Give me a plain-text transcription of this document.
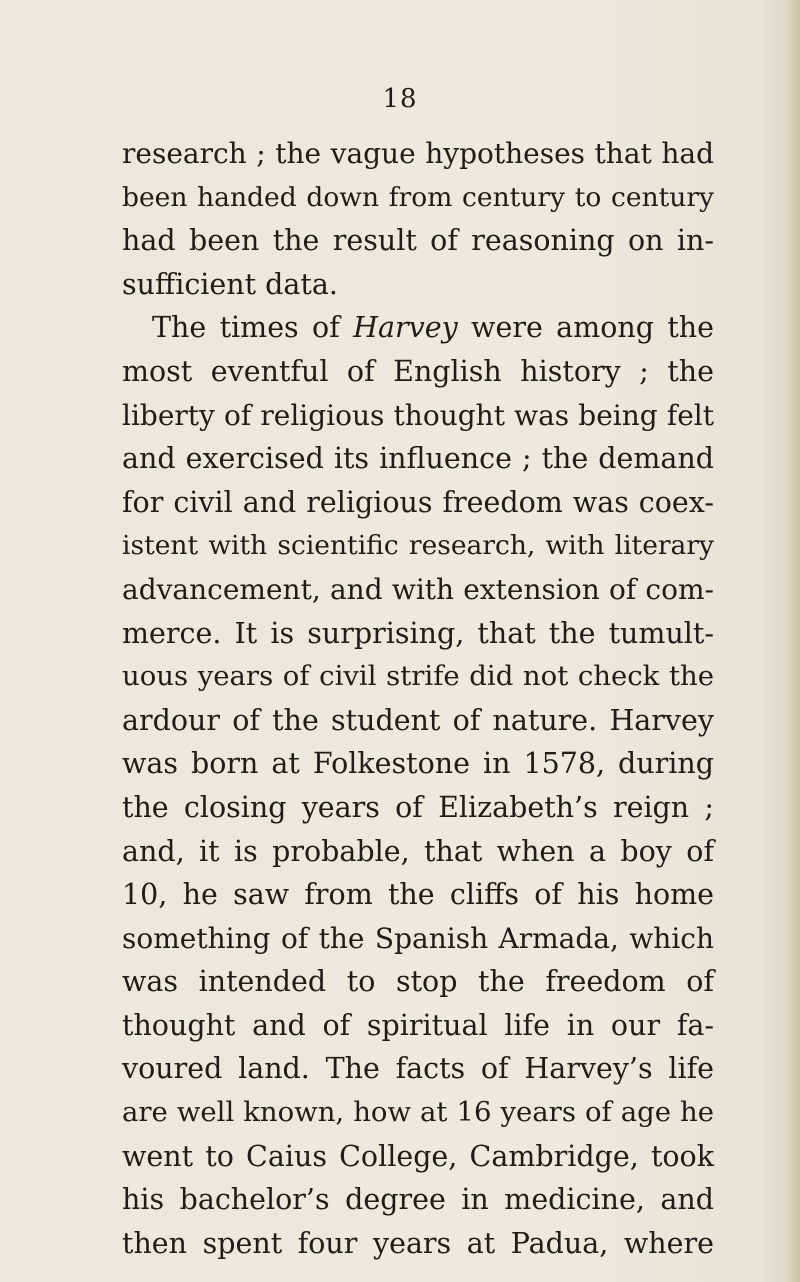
18
research ; the vague hypotheses that had
been handed down from century to century
had been the result of reasoning on in-
sufficient data.
The times of Harvey were among the
most eventful of English history ; the
liberty of religious thought was being felt
and exercised its influence ; the demand
for civil and religious freedom was coex-
istent with scientific research, with literary
advancement, and with extension of com-
merce. It is surprising, that the tumult-
uous years of civil strife did not check the
ardour of the student of nature. Harvey
was born at Folkestone in 1578, during
the closing years of Elizabeth’s reign ;
and, it is probable, that when a boy of
10, he saw from the cliffs of his home
something of the Spanish Armada, which
was intended to stop the freedom of
thought and of spiritual life in our fa-
voured land. The facts of Harvey’s life
are well known, how at 16 years of age he
went to Caius College, Cambridge, took
his bachelor’s degree in medicine, and
then spent four years at Padua, where
